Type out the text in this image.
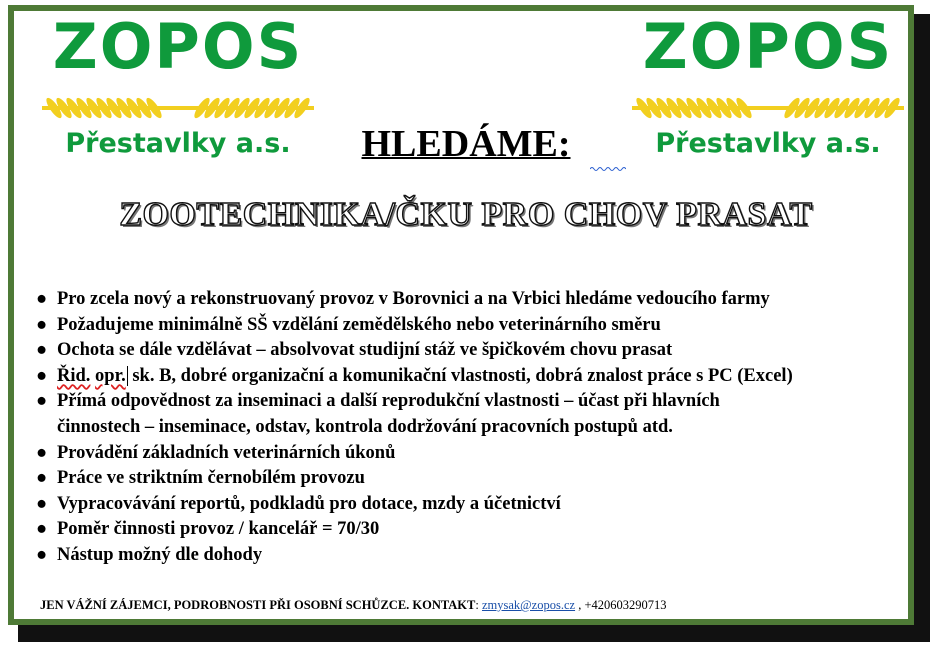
ZOPOS
Přestavlky a.s.
ZOPOS
Přestavlky a.s.
HLEDÁME:
ZOOTECHNIKA/ČKU PRO CHOV PRASAT
● Pro zcela nový a rekonstruovaný provoz v Borovnici a na Vrbici hledáme vedoucího farmy
● Požadujeme minimálně SŠ vzdělání zemědělského nebo veterinárního směru
● Ochota se dále vzdělávat – absolvovat studijní stáž ve špičkovém chovu prasat
● Řid. opr. sk. B, dobré organizační a komunikační vlastnosti, dobrá znalost práce s PC (Excel)
● Přímá odpovědnost za inseminaci a další reprodukční vlastnosti – účast při hlavních
činnostech – inseminace, odstav, kontrola dodržování pracovních postupů atd.
● Provádění základních veterinárních úkonů
● Práce ve striktním černobílém provozu
● Vypracovávání reportů, podkladů pro dotace, mzdy a účetnictví
● Poměr činnosti provoz / kancelář = 70/30
● Nástup možný dle dohody
JEN VÁŽNÍ ZÁJEMCI, PODROBNOSTI PŘI OSOBNÍ SCHŮZCE. KONTAKT: zmysak@zopos.cz , +420603290713
